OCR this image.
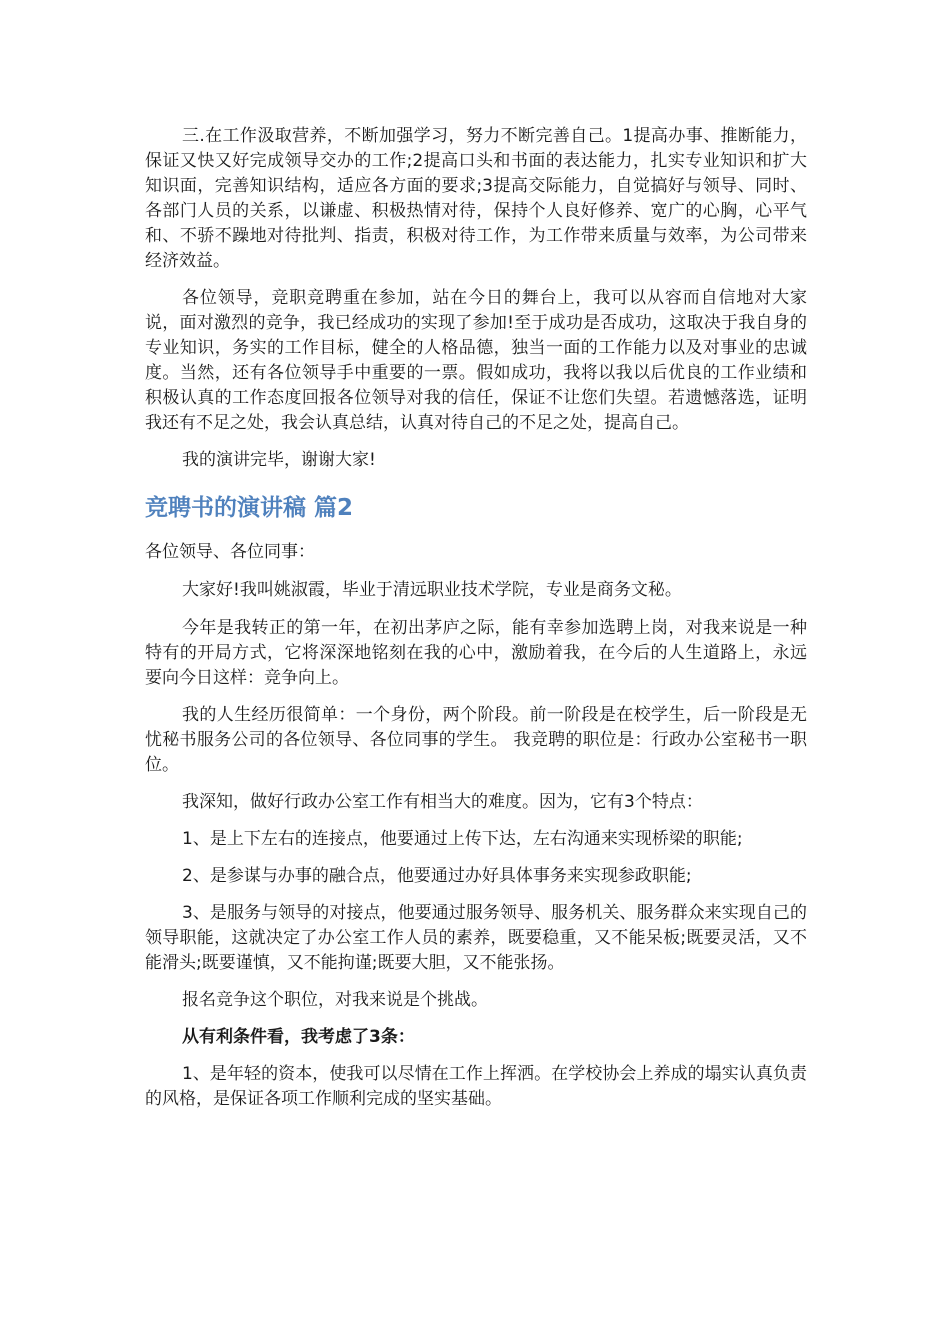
三.在工作汲取营养，不断加强学习，努力不断完善自己。1提高办事、推断能力，保证又快又好完成领导交办的工作;2提高口头和书面的表达能力，扎实专业知识和扩大知识面，完善知识结构，适应各方面的要求;3提高交际能力，自觉搞好与领导、同时、各部门人员的关系，以谦虚、积极热情对待，保持个人良好修养、宽广的心胸，心平气和、不骄不躁地对待批判、指责，积极对待工作，为工作带来质量与效率，为公司带来经济效益。

各位领导，竞职竞聘重在参加，站在今日的舞台上，我可以从容而自信地对大家说，面对激烈的竞争，我已经成功的实现了参加!至于成功是否成功，这取决于我自身的专业知识，务实的工作目标，健全的人格品德，独当一面的工作能力以及对事业的忠诚度。当然，还有各位领导手中重要的一票。假如成功，我将以我以后优良的工作业绩和积极认真的工作态度回报各位领导对我的信任，保证不让您们失望。若遗憾落选，证明我还有不足之处，我会认真总结，认真对待自己的不足之处，提高自己。

我的演讲完毕，谢谢大家!

竞聘书的演讲稿 篇2

各位领导、各位同事：

大家好!我叫姚淑霞，毕业于清远职业技术学院，专业是商务文秘。

今年是我转正的第一年，在初出茅庐之际，能有幸参加选聘上岗，对我来说是一种特有的开局方式，它将深深地铭刻在我的心中，激励着我，在今后的人生道路上，永远要向今日这样：竞争向上。

我的人生经历很简单：一个身份，两个阶段。前一阶段是在校学生，后一阶段是无忧秘书服务公司的各位领导、各位同事的学生。 我竞聘的职位是：行政办公室秘书一职位。

我深知，做好行政办公室工作有相当大的难度。因为，它有3个特点：

1、是上下左右的连接点，他要通过上传下达，左右沟通来实现桥梁的职能;

2、是参谋与办事的融合点，他要通过办好具体事务来实现参政职能;

3、是服务与领导的对接点，他要通过服务领导、服务机关、服务群众来实现自己的领导职能，这就决定了办公室工作人员的素养，既要稳重，又不能呆板;既要灵活，又不能滑头;既要谨慎，又不能拘谨;既要大胆，又不能张扬。

报名竞争这个职位，对我来说是个挑战。

从有利条件看，我考虑了3条：

1、是年轻的资本，使我可以尽情在工作上挥洒。在学校协会上养成的塌实认真负责的风格，是保证各项工作顺利完成的坚实基础。
